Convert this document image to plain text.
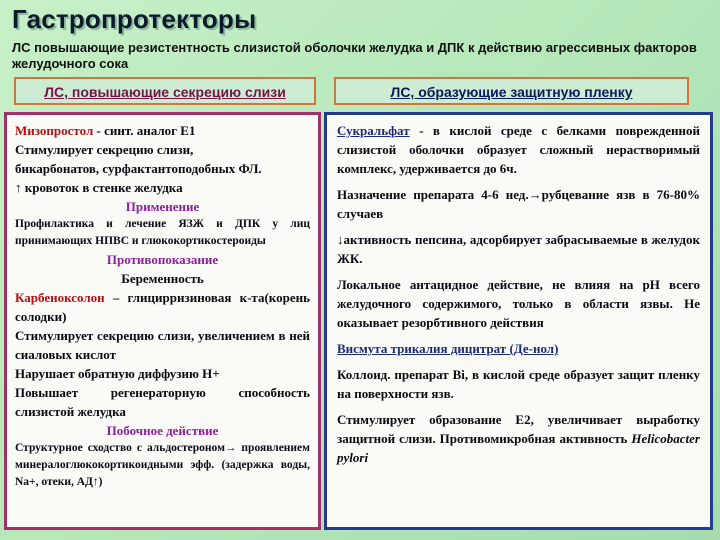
Гастропротекторы
ЛС повышающие резистентность слизистой оболочки желудка и ДПК к действию агрессивных факторов желудочного сока
ЛС, повышающие секрецию слизи	ЛС, образующие защитную пленку

Мизопростол - синт. аналог Е1

Стимулирует секрецию слизи,

бикарбонатов, сурфактантоподобных ФЛ.

↑ кровоток в стенке желудка

Применение

Профилактика и лечение ЯЗЖ и ДПК у лиц принимающих НПВС и глюкокортикостероиды

Противопоказание

Беременность

Карбеноксолон – глицирризиновая к-та(корень солодки)

Стимулирует секрецию слизи, увеличением в ней сиаловых кислот

Нарушает обратную диффузию Н+

Повышает регенераторную способность слизистой желудка

Побочное действие

Структурное сходство с альдостероном→ проявлением минералоглюкокортикоидными эфф. (задержка воды, Na+, отеки, АД↑)

Сукральфат - в кислой среде с белками поврежденной слизистой оболочки образует сложный нерастворимый комплекс, удерживается до 6ч.

Назначение препарата 4-6 нед.→рубцевание язв в 76-80% случаев

↓активность пепсина, адсорбирует забрасываемые в желудок ЖК.

Локальное антацидное действие, не влияя на рН всего желудочного содержимого, только в области язвы. Не оказывает резорбтивного действия

Висмута трикалия дицитрат (Де-нол)

Коллоид. препарат Bi, в кислой среде образует защит пленку на поверхности язв.

Стимулирует образование Е2, увеличивает выработку защитной слизи. Противомикробная активность Helicobacter pylori
